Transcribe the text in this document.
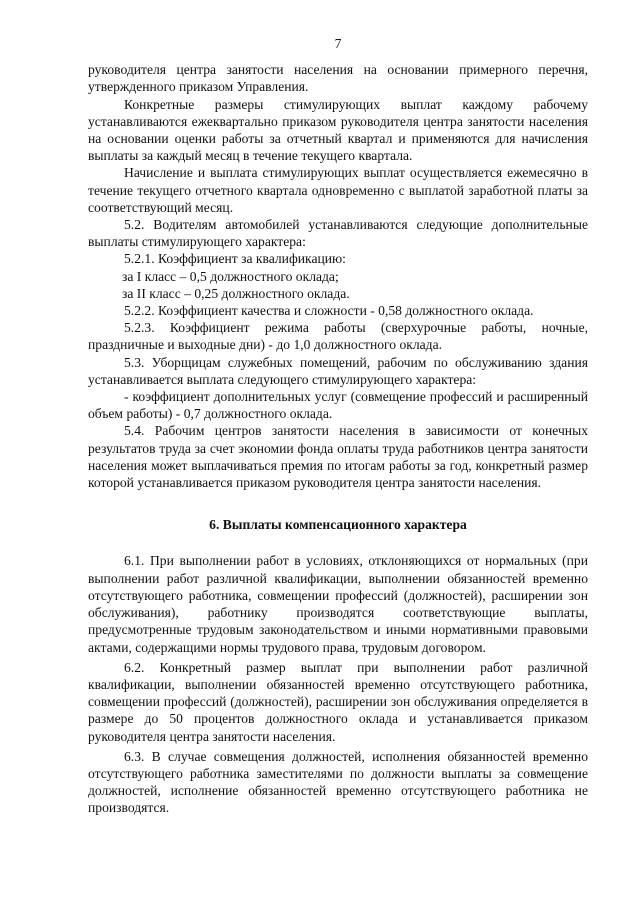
7

руководителя центра занятости населения на основании примерного перечня, утвержденного приказом Управления.

Конкретные размеры стимулирующих выплат каждому рабочему устанавливаются ежеквартально приказом руководителя центра занятости населения на основании оценки работы за отчетный квартал и применяются для начисления выплаты за каждый месяц в течение текущего квартала.

Начисление и выплата стимулирующих выплат осуществляется ежемесячно в течение текущего отчетного квартала одновременно с выплатой заработной платы за соответствующий месяц.

5.2. Водителям автомобилей устанавливаются следующие дополнительные выплаты стимулирующего характера:

5.2.1. Коэффициент за квалификацию:

за I класс – 0,5 должностного оклада;

за II класс – 0,25 должностного оклада.

5.2.2. Коэффициент качества и сложности - 0,58 должностного оклада.

5.2.3. Коэффициент режима работы (сверхурочные работы, ночные, праздничные и выходные дни) - до 1,0 должностного оклада.

5.3. Уборщицам служебных помещений, рабочим по обслуживанию здания устанавливается выплата следующего стимулирующего характера:

- коэффициент дополнительных услуг (совмещение профессий и расширенный объем работы) - 0,7 должностного оклада.

5.4. Рабочим центров занятости населения в зависимости от конечных результатов труда за счет экономии фонда оплаты труда работников центра занятости населения может выплачиваться премия по итогам работы за год, конкретный размер которой устанавливается приказом руководителя центра занятости населения.

6. Выплаты компенсационного характера

6.1. При выполнении работ в условиях, отклоняющихся от нормальных (при выполнении работ различной квалификации, выполнении обязанностей временно отсутствующего работника, совмещении профессий (должностей), расширении зон обслуживания), работнику производятся соответствующие выплаты, предусмотренные трудовым законодательством и иными нормативными правовыми актами, содержащими нормы трудового права, трудовым договором.

6.2. Конкретный размер выплат при выполнении работ различной квалификации, выполнении обязанностей временно отсутствующего работника, совмещении профессий (должностей), расширении зон обслуживания определяется в размере до 50 процентов должностного оклада и устанавливается приказом руководителя центра занятости населения.

6.3. В случае совмещения должностей, исполнения обязанностей временно отсутствующего работника заместителями по должности выплаты за совмещение должностей, исполнение обязанностей временно отсутствующего работника не производятся.
